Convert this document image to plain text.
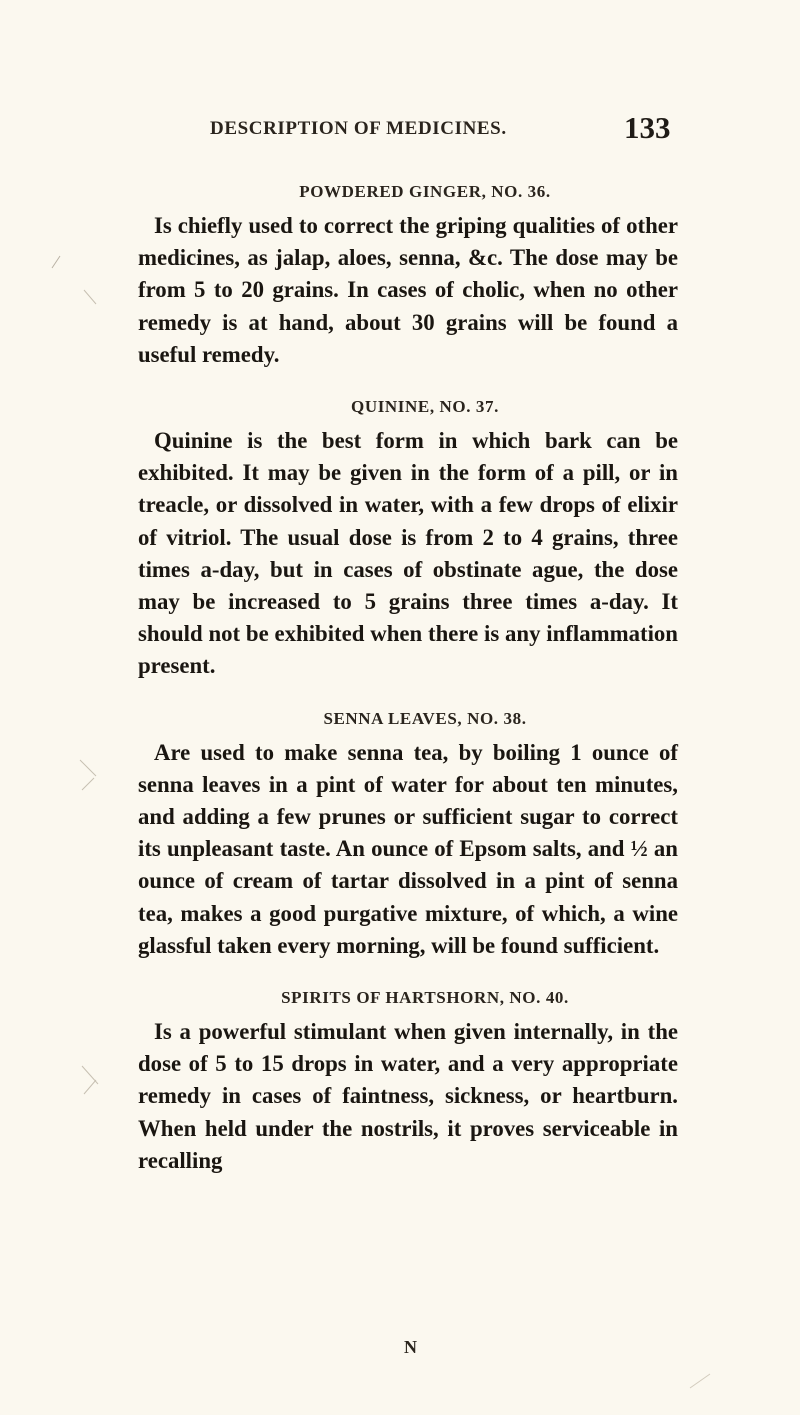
DESCRIPTION OF MEDICINES.	133
POWDERED GINGER, NO. 36.

Is chiefly used to correct the griping qualities of other medicines, as jalap, aloes, senna, &c. The dose may be from 5 to 20 grains. In cases of cholic, when no other remedy is at hand, about 30 grains will be found a useful remedy.

QUININE, NO. 37.

Quinine is the best form in which bark can be exhibited. It may be given in the form of a pill, or in treacle, or dissolved in water, with a few drops of elixir of vitriol. The usual dose is from 2 to 4 grains, three times a-day, but in cases of obstinate ague, the dose may be increased to 5 grains three times a-day. It should not be exhibited when there is any inflammation present.

SENNA LEAVES, NO. 38.

Are used to make senna tea, by boiling 1 ounce of senna leaves in a pint of water for about ten minutes, and adding a few prunes or sufficient sugar to correct its unpleasant taste. An ounce of Epsom salts, and ½ an ounce of cream of tartar dissolved in a pint of senna tea, makes a good purgative mixture, of which, a wine glassful taken every morning, will be found sufficient.

SPIRITS OF HARTSHORN, NO. 40.

Is a powerful stimulant when given internally, in the dose of 5 to 15 drops in water, and a very appropriate remedy in cases of faintness, sickness, or heartburn. When held under the nostrils, it proves serviceable in recalling

N
